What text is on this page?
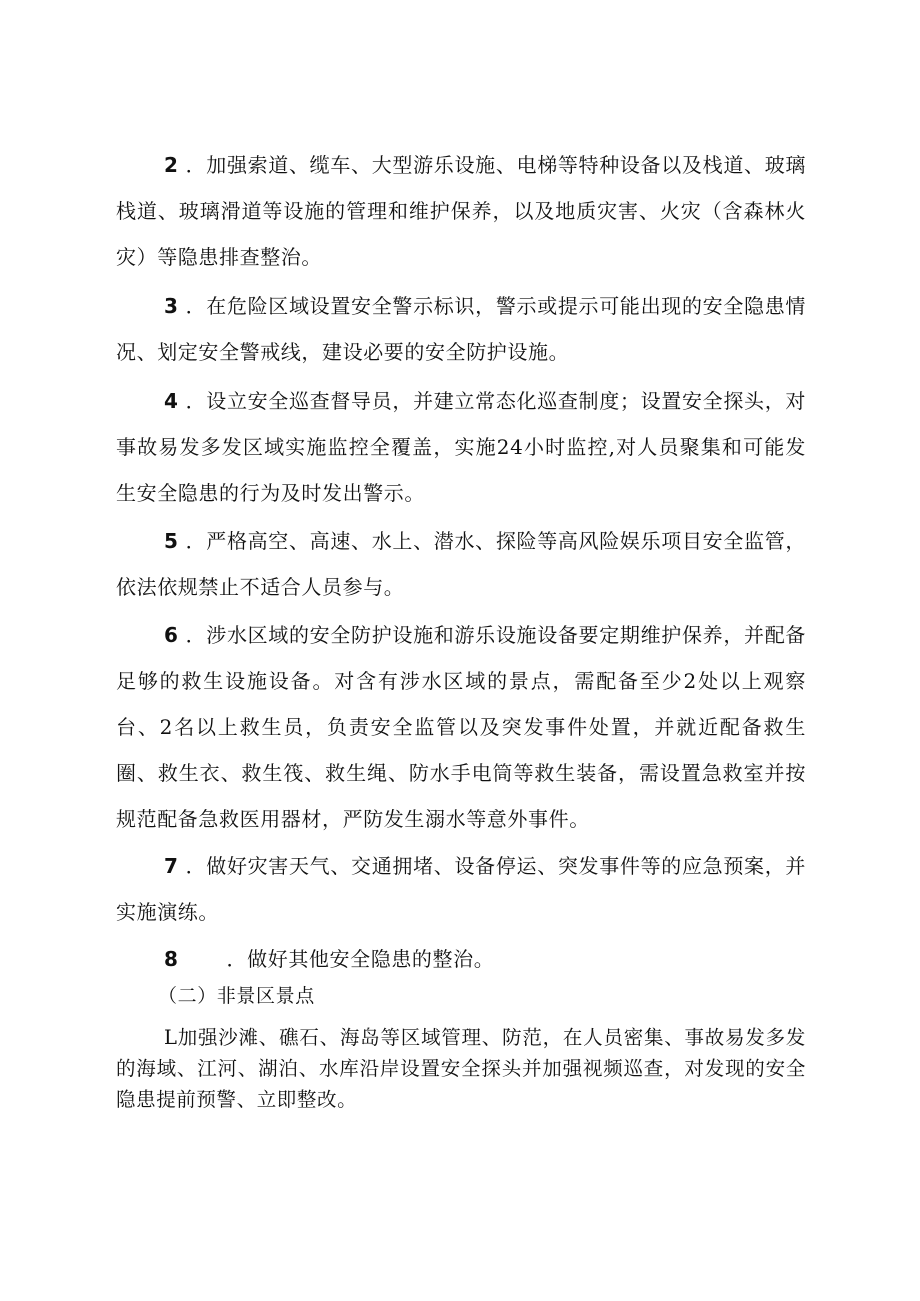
2 ．加强索道、缆车、大型游乐设施、电梯等特种设备以及栈道、玻璃栈道、玻璃滑道等设施的管理和维护保养，以及地质灾害、火灾（含森林火灾）等隐患排查整治。

3 ．在危险区域设置安全警示标识，警示或提示可能出现的安全隐患情况、划定安全警戒线，建设必要的安全防护设施。

4 ．设立安全巡查督导员，并建立常态化巡查制度；设置安全探头，对事故易发多发区域实施监控全覆盖，实施24小时监控,对人员聚集和可能发生安全隐患的行为及时发出警示。

5 ．严格高空、高速、水上、潜水、探险等高风险娱乐项目安全监管，依法依规禁止不适合人员参与。

6 ．涉水区域的安全防护设施和游乐设施设备要定期维护保养，并配备足够的救生设施设备。对含有涉水区域的景点，需配备至少2处以上观察台、2名以上救生员，负责安全监管以及突发事件处置，并就近配备救生圈、救生衣、救生筏、救生绳、防水手电筒等救生装备，需设置急救室并按规范配备急救医用器材，严防发生溺水等意外事件。

7 ．做好灾害天气、交通拥堵、设备停运、突发事件等的应急预案，并实施演练。

8 ．做好其他安全隐患的整治。

（二）非景区景点

L加强沙滩、礁石、海岛等区域管理、防范，在人员密集、事故易发多发的海域、江河、湖泊、水库沿岸设置安全探头并加强视频巡查，对发现的安全隐患提前预警、立即整改。
